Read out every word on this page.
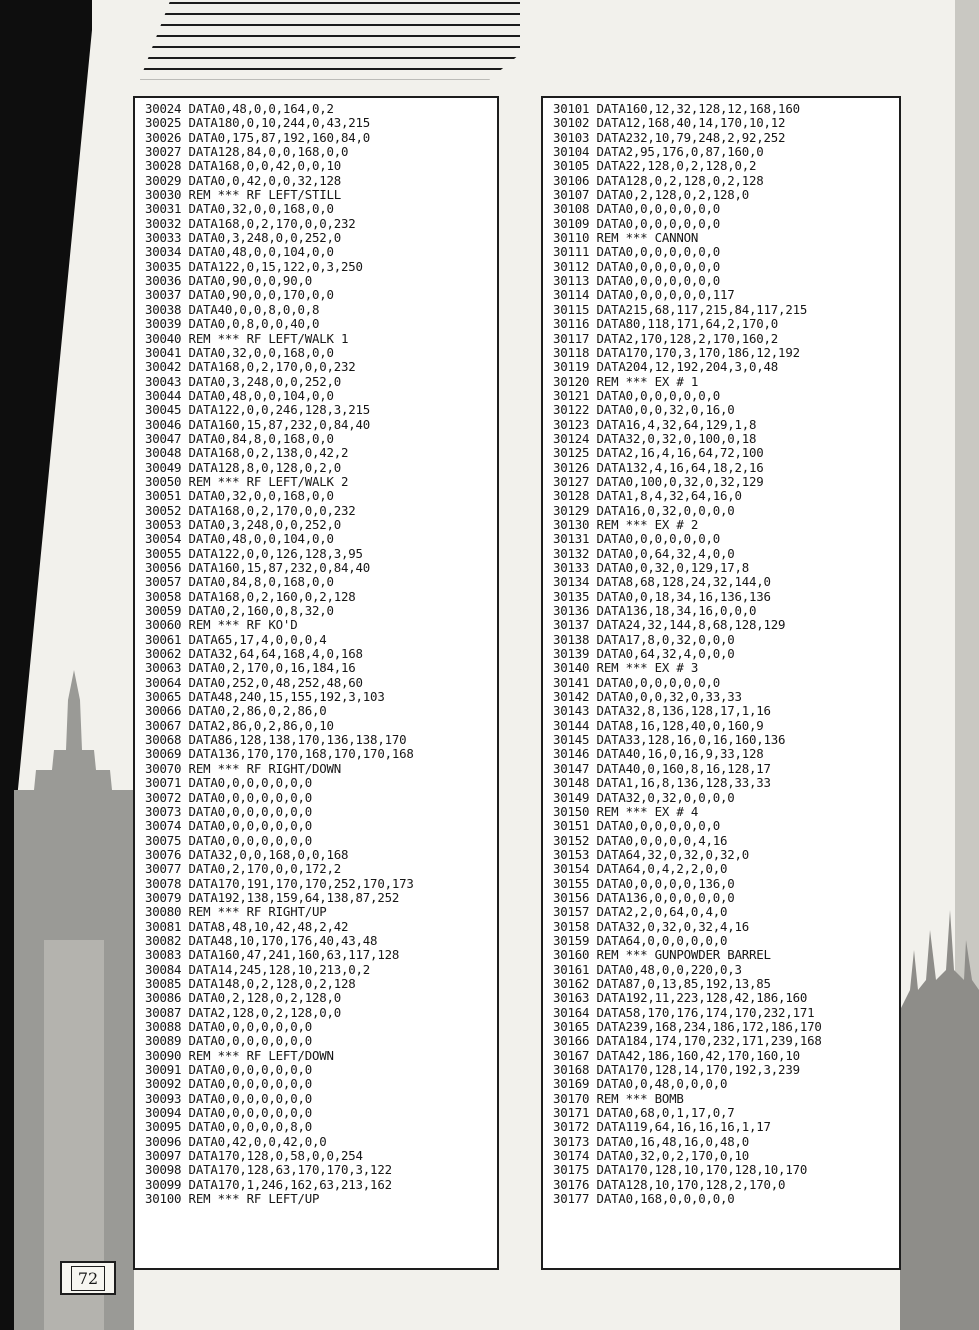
30024 DATA0,48,0,0,164,0,2
30025 DATA180,0,10,244,0,43,215
30026 DATA0,175,87,192,160,84,0
30027 DATA128,84,0,0,168,0,0
30028 DATA168,0,0,42,0,0,10
30029 DATA0,0,42,0,0,32,128
30030 REM *** RF LEFT/STILL
30031 DATA0,32,0,0,168,0,0
30032 DATA168,0,2,170,0,0,232
30033 DATA0,3,248,0,0,252,0
30034 DATA0,48,0,0,104,0,0
30035 DATA122,0,15,122,0,3,250
30036 DATA0,90,0,0,90,0
30037 DATA0,90,0,0,170,0,0
30038 DATA40,0,0,8,0,0,8
30039 DATA0,0,8,0,0,40,0
30040 REM *** RF LEFT/WALK 1
30041 DATA0,32,0,0,168,0,0
30042 DATA168,0,2,170,0,0,232
30043 DATA0,3,248,0,0,252,0
30044 DATA0,48,0,0,104,0,0
30045 DATA122,0,0,246,128,3,215
30046 DATA160,15,87,232,0,84,40
30047 DATA0,84,8,0,168,0,0
30048 DATA168,0,2,138,0,42,2
30049 DATA128,8,0,128,0,2,0
30050 REM *** RF LEFT/WALK 2
30051 DATA0,32,0,0,168,0,0
30052 DATA168,0,2,170,0,0,232
30053 DATA0,3,248,0,0,252,0
30054 DATA0,48,0,0,104,0,0
30055 DATA122,0,0,126,128,3,95
30056 DATA160,15,87,232,0,84,40
30057 DATA0,84,8,0,168,0,0
30058 DATA168,0,2,160,0,2,128
30059 DATA0,2,160,0,8,32,0
30060 REM *** RF KO'D
30061 DATA65,17,4,0,0,0,4
30062 DATA32,64,64,168,4,0,168
30063 DATA0,2,170,0,16,184,16
30064 DATA0,252,0,48,252,48,60
30065 DATA48,240,15,155,192,3,103
30066 DATA0,2,86,0,2,86,0
30067 DATA2,86,0,2,86,0,10
30068 DATA86,128,138,170,136,138,170
30069 DATA136,170,170,168,170,170,168
30070 REM *** RF RIGHT/DOWN
30071 DATA0,0,0,0,0,0,0
30072 DATA0,0,0,0,0,0,0
30073 DATA0,0,0,0,0,0,0
30074 DATA0,0,0,0,0,0,0
30075 DATA0,0,0,0,0,0,0
30076 DATA32,0,0,168,0,0,168
30077 DATA0,2,170,0,0,172,2
30078 DATA170,191,170,170,252,170,173
30079 DATA192,138,159,64,138,87,252
30080 REM *** RF RIGHT/UP
30081 DATA8,48,10,42,48,2,42
30082 DATA48,10,170,176,40,43,48
30083 DATA160,47,241,160,63,117,128
30084 DATA14,245,128,10,213,0,2
30085 DATA148,0,2,128,0,2,128
30086 DATA0,2,128,0,2,128,0
30087 DATA2,128,0,2,128,0,0
30088 DATA0,0,0,0,0,0,0
30089 DATA0,0,0,0,0,0,0
30090 REM *** RF LEFT/DOWN
30091 DATA0,0,0,0,0,0,0
30092 DATA0,0,0,0,0,0,0
30093 DATA0,0,0,0,0,0,0
30094 DATA0,0,0,0,0,0,0
30095 DATA0,0,0,0,0,8,0
30096 DATA0,42,0,0,42,0,0
30097 DATA170,128,0,58,0,0,254
30098 DATA170,128,63,170,170,3,122
30099 DATA170,1,246,162,63,213,162
30100 REM *** RF LEFT/UP
30101 DATA160,12,32,128,12,168,160
30102 DATA12,168,40,14,170,10,12
30103 DATA232,10,79,248,2,92,252
30104 DATA2,95,176,0,87,160,0
30105 DATA22,128,0,2,128,0,2
30106 DATA128,0,2,128,0,2,128
30107 DATA0,2,128,0,2,128,0
30108 DATA0,0,0,0,0,0,0
30109 DATA0,0,0,0,0,0,0
30110 REM *** CANNON
30111 DATA0,0,0,0,0,0,0
30112 DATA0,0,0,0,0,0,0
30113 DATA0,0,0,0,0,0,0
30114 DATA0,0,0,0,0,0,117
30115 DATA215,68,117,215,84,117,215
30116 DATA80,118,171,64,2,170,0
30117 DATA2,170,128,2,170,160,2
30118 DATA170,170,3,170,186,12,192
30119 DATA204,12,192,204,3,0,48
30120 REM *** EX # 1
30121 DATA0,0,0,0,0,0,0
30122 DATA0,0,0,32,0,16,0
30123 DATA16,4,32,64,129,1,8
30124 DATA32,0,32,0,100,0,18
30125 DATA2,16,4,16,64,72,100
30126 DATA132,4,16,64,18,2,16
30127 DATA0,100,0,32,0,32,129
30128 DATA1,8,4,32,64,16,0
30129 DATA16,0,32,0,0,0,0
30130 REM *** EX # 2
30131 DATA0,0,0,0,0,0,0
30132 DATA0,0,64,32,4,0,0
30133 DATA0,0,32,0,129,17,8
30134 DATA8,68,128,24,32,144,0
30135 DATA0,0,18,34,16,136,136
30136 DATA136,18,34,16,0,0,0
30137 DATA24,32,144,8,68,128,129
30138 DATA17,8,0,32,0,0,0
30139 DATA0,64,32,4,0,0,0
30140 REM *** EX # 3
30141 DATA0,0,0,0,0,0,0
30142 DATA0,0,0,32,0,33,33
30143 DATA32,8,136,128,17,1,16
30144 DATA8,16,128,40,0,160,9
30145 DATA33,128,16,0,16,160,136
30146 DATA40,16,0,16,9,33,128
30147 DATA40,0,160,8,16,128,17
30148 DATA1,16,8,136,128,33,33
30149 DATA32,0,32,0,0,0,0
30150 REM *** EX # 4
30151 DATA0,0,0,0,0,0,0
30152 DATA0,0,0,0,0,4,16
30153 DATA64,32,0,32,0,32,0
30154 DATA64,0,4,2,2,0,0
30155 DATA0,0,0,0,0,136,0
30156 DATA136,0,0,0,0,0,0
30157 DATA2,2,0,64,0,4,0
30158 DATA32,0,32,0,32,4,16
30159 DATA64,0,0,0,0,0,0
30160 REM *** GUNPOWDER BARREL
30161 DATA0,48,0,0,220,0,3
30162 DATA87,0,13,85,192,13,85
30163 DATA192,11,223,128,42,186,160
30164 DATA58,170,176,174,170,232,171
30165 DATA239,168,234,186,172,186,170
30166 DATA184,174,170,232,171,239,168
30167 DATA42,186,160,42,170,160,10
30168 DATA170,128,14,170,192,3,239
30169 DATA0,0,48,0,0,0,0
30170 REM *** BOMB
30171 DATA0,68,0,1,17,0,7
30172 DATA119,64,16,16,16,1,17
30173 DATA0,16,48,16,0,48,0
30174 DATA0,32,0,2,170,0,10
30175 DATA170,128,10,170,128,10,170
30176 DATA128,10,170,128,2,170,0
30177 DATA0,168,0,0,0,0,0
72
